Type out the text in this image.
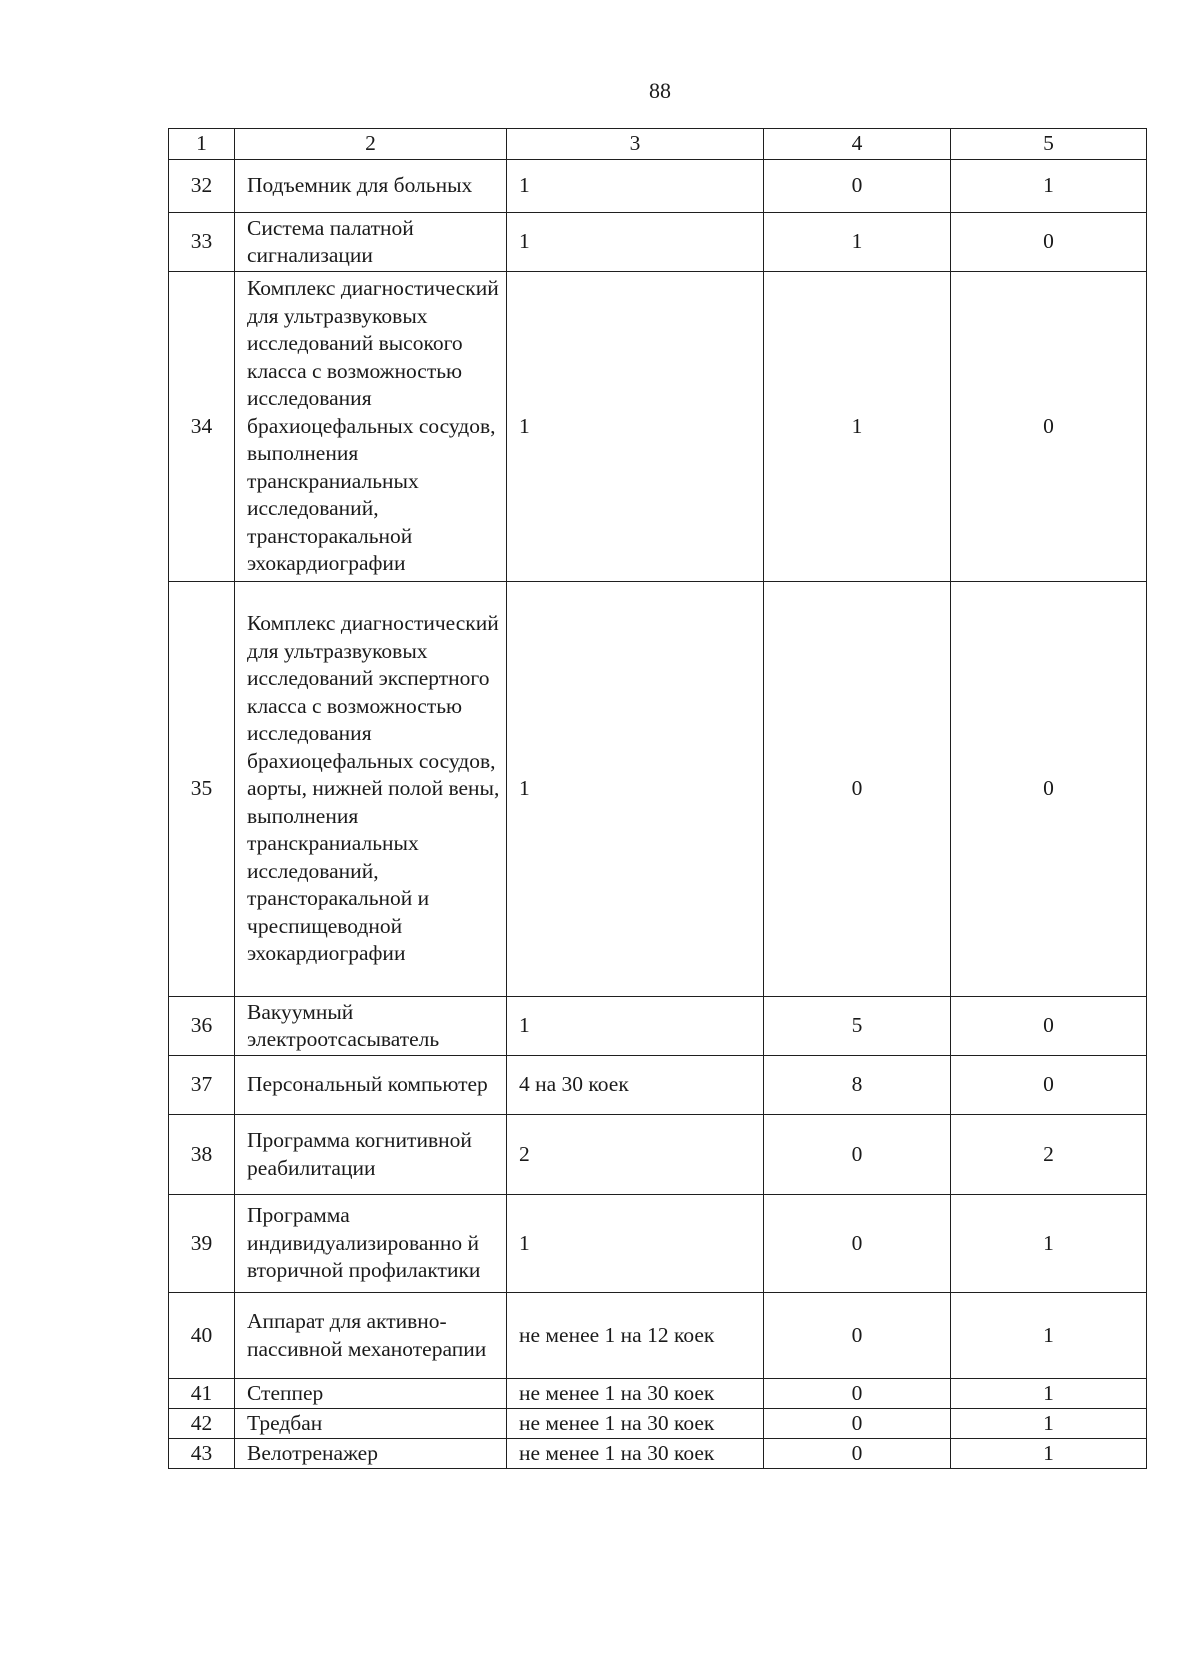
88
1	2	3	4	5
32	Подъемник для больных	1	0	1
33	Система палатной сигнализации	1	1	0
34	Комплекс диагностический для ультразвуковых исследований высокого класса с возможностью исследования брахиоцефальных сосудов, выполнения транскраниальных исследований, трансторакальной эхокардиографии	1	1	0
35	Комплекс диагностический для ультразвуковых исследований экспертного класса с возможностью исследования брахиоцефальных сосудов, аорты, нижней полой вены, выполнения транскраниальных исследований, трансторакальной и чреспищеводной эхокардиографии	1	0	0
36	Вакуумный электроотсасыватель	1	5	0
37	Персональный компьютер	4 на 30 коек	8	0
38	Программа когнитивной реабилитации	2	0	2
39	Программа индивидуализированно й вторичной профилактики	1	0	1
40	Аппарат для активно-пассивной механотерапии	не менее 1 на 12 коек	0	1
41	Степпер	не менее 1 на 30 коек	0	1
42	Тредбан	не менее 1 на 30 коек	0	1
43	Велотренажер	не менее 1 на 30 коек	0	1
